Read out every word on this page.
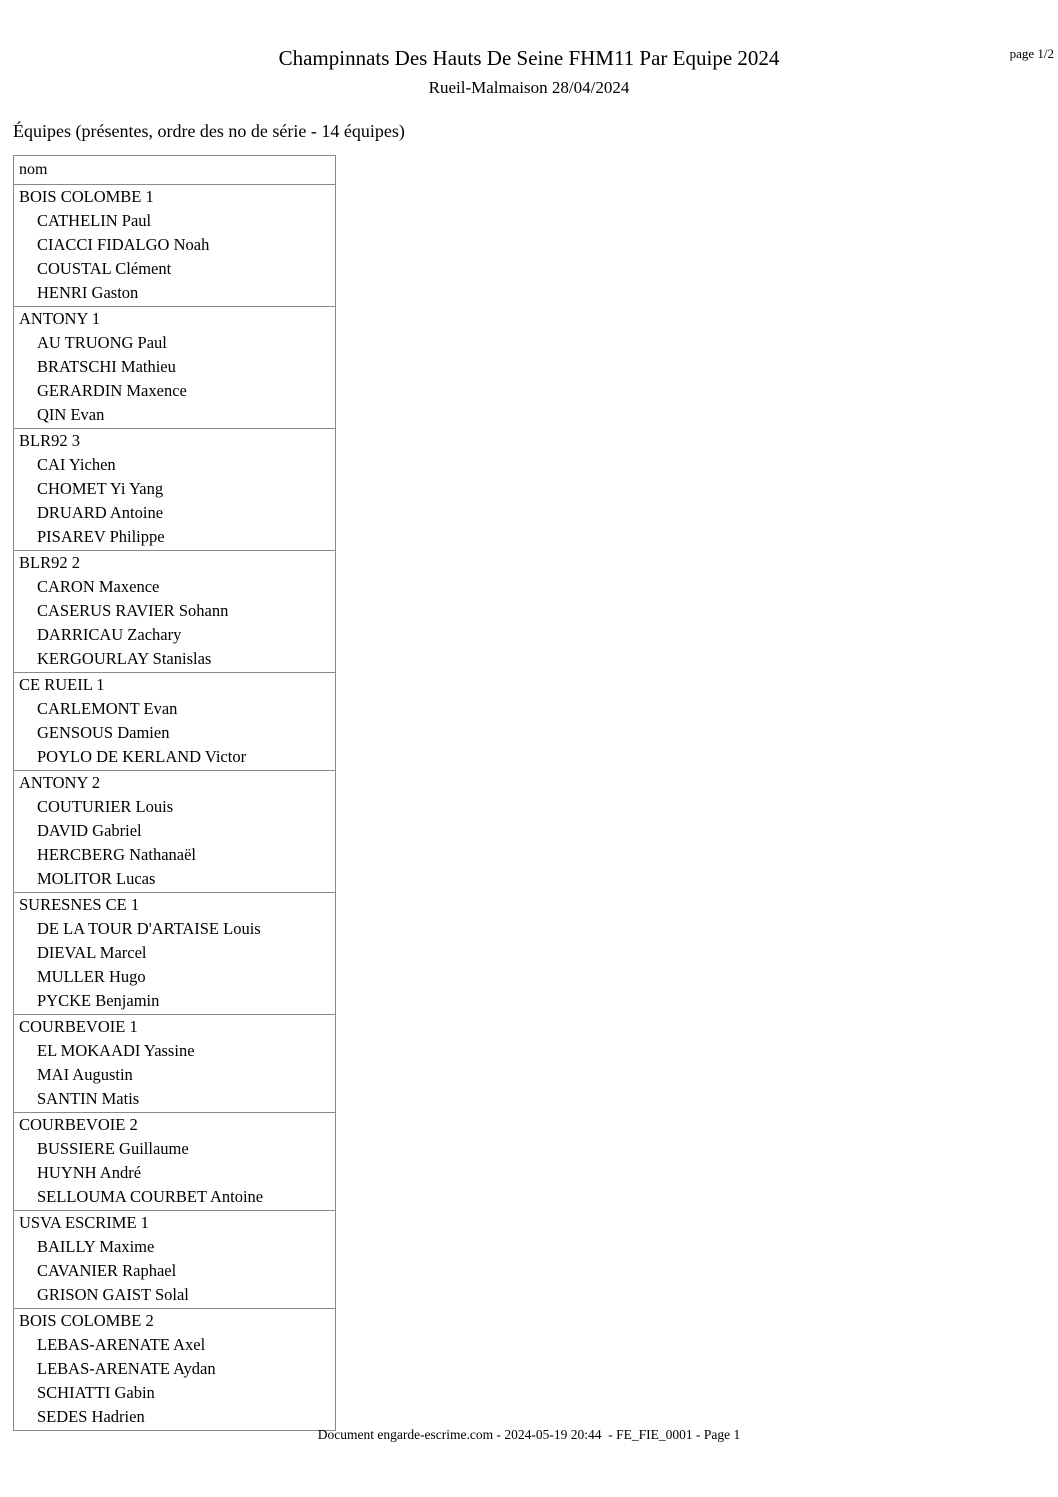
Champinnats Des Hauts De Seine FHM11 Par Equipe 2024
Rueil-Malmaison 28/04/2024
page 1/2
Équipes (présentes, ordre des no de série - 14 équipes)
nom
BOIS COLOMBE 1
CATHELIN Paul
CIACCI FIDALGO Noah
COUSTAL Clément
HENRI Gaston
ANTONY 1
AU TRUONG Paul
BRATSCHI Mathieu
GERARDIN Maxence
QIN Evan
BLR92 3
CAI Yichen
CHOMET Yi Yang
DRUARD Antoine
PISAREV Philippe
BLR92 2
CARON Maxence
CASERUS RAVIER Sohann
DARRICAU Zachary
KERGOURLAY Stanislas
CE RUEIL 1
CARLEMONT Evan
GENSOUS Damien
POYLO DE KERLAND Victor
ANTONY 2
COUTURIER Louis
DAVID Gabriel
HERCBERG Nathanaël
MOLITOR Lucas
SURESNES CE 1
DE LA TOUR D'ARTAISE Louis
DIEVAL Marcel
MULLER Hugo
PYCKE Benjamin
COURBEVOIE 1
EL MOKAADI Yassine
MAI Augustin
SANTIN Matis
COURBEVOIE 2
BUSSIERE Guillaume
HUYNH André
SELLOUMA COURBET Antoine
USVA ESCRIME 1
BAILLY Maxime
CAVANIER Raphael
GRISON GAIST Solal
BOIS COLOMBE 2
LEBAS-ARENATE Axel
LEBAS-ARENATE Aydan
SCHIATTI Gabin
SEDES Hadrien
Document engarde-escrime.com - 2024-05-19 20:44  - FE_FIE_0001 - Page 1
